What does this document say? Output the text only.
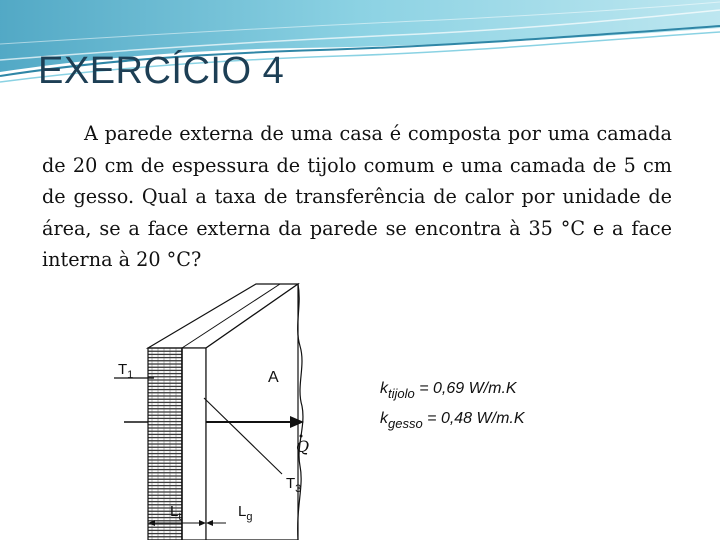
EXERCÍCIO 4

A parede externa de uma casa é composta por uma camada de 20 cm de espessura de tijolo comum e uma camada de 5 cm de gesso. Qual a taxa de transferência de calor por unidade de área, se a face externa da parede se encontra à 35 °C e a face interna à 20 °C?

$T_1$	A
Q
$T_3$
$L_t$	$L_g$
$k_{tijolo} = 0,69$ W/m.K
$k_{gesso} = 0,48$ W/m.K
